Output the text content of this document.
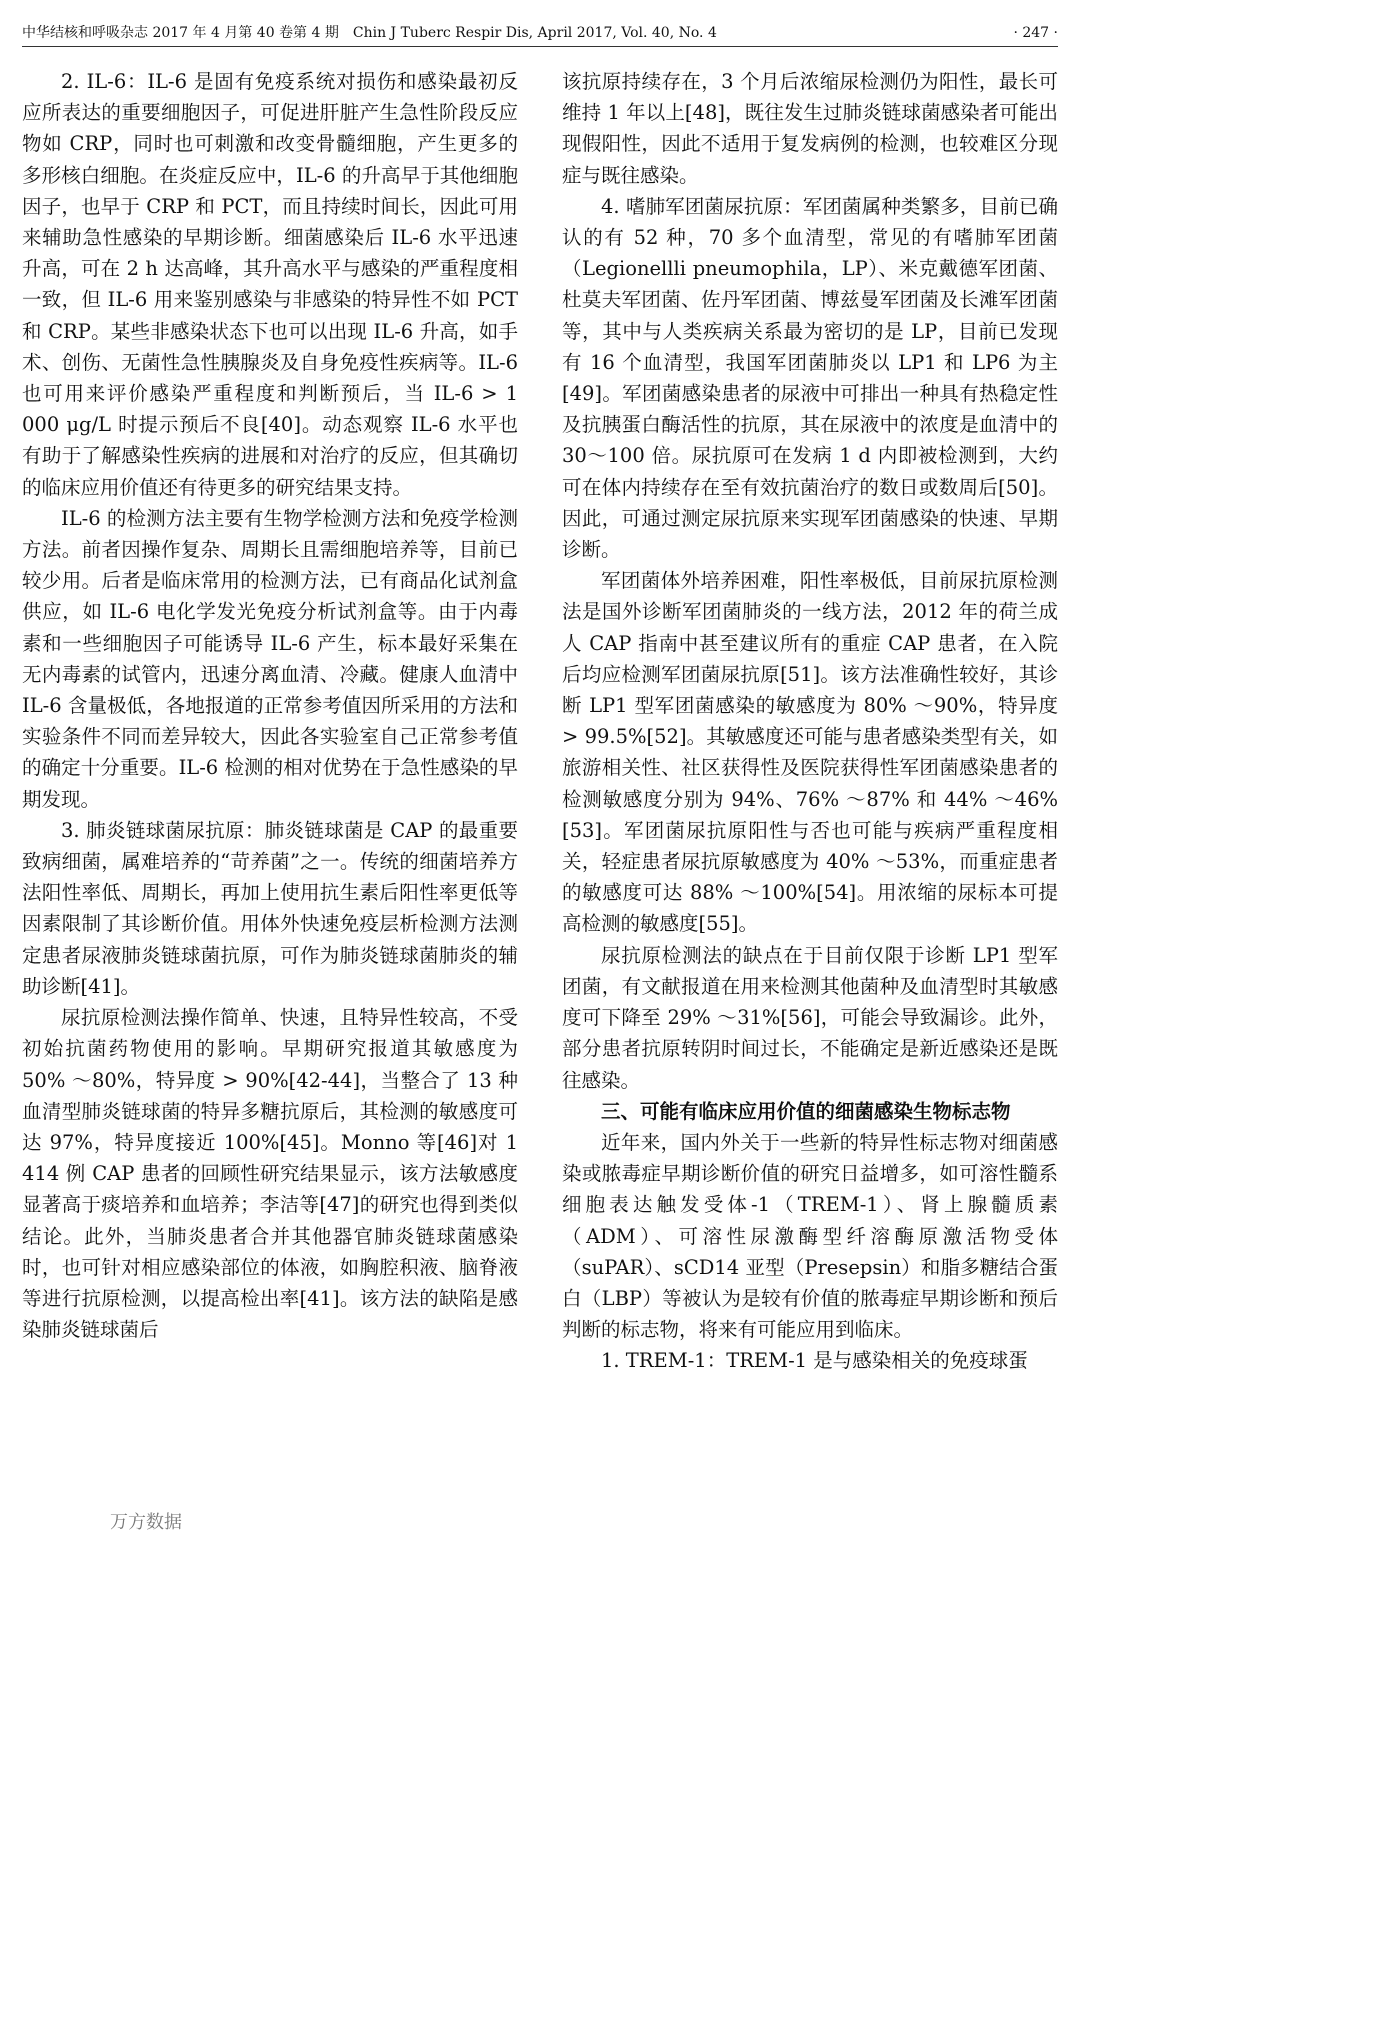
中华结核和呼吸杂志 2017 年 4 月第 40 卷第 4 期　Chin J Tuberc Respir Dis, April 2017, Vol. 40, No. 4	· 247 ·

2. IL-6：IL-6 是固有免疫系统对损伤和感染最初反应所表达的重要细胞因子，可促进肝脏产生急性阶段反应物如 CRP，同时也可刺激和改变骨髓细胞，产生更多的多形核白细胞。在炎症反应中，IL-6 的升高早于其他细胞因子，也早于 CRP 和 PCT，而且持续时间长，因此可用来辅助急性感染的早期诊断。细菌感染后 IL-6 水平迅速升高，可在 2 h 达高峰，其升高水平与感染的严重程度相一致，但 IL-6 用来鉴别感染与非感染的特异性不如 PCT 和 CRP。某些非感染状态下也可以出现 IL-6 升高，如手术、创伤、无菌性急性胰腺炎及自身免疫性疾病等。IL-6 也可用来评价感染严重程度和判断预后，当 IL-6 > 1 000 μg/L 时提示预后不良[40]。动态观察 IL-6 水平也有助于了解感染性疾病的进展和对治疗的反应，但其确切的临床应用价值还有待更多的研究结果支持。

IL-6 的检测方法主要有生物学检测方法和免疫学检测方法。前者因操作复杂、周期长且需细胞培养等，目前已较少用。后者是临床常用的检测方法，已有商品化试剂盒供应，如 IL-6 电化学发光免疫分析试剂盒等。由于内毒素和一些细胞因子可能诱导 IL-6 产生，标本最好采集在无内毒素的试管内，迅速分离血清、冷藏。健康人血清中 IL-6 含量极低，各地报道的正常参考值因所采用的方法和实验条件不同而差异较大，因此各实验室自己正常参考值的确定十分重要。IL-6 检测的相对优势在于急性感染的早期发现。

3. 肺炎链球菌尿抗原：肺炎链球菌是 CAP 的最重要致病细菌，属难培养的“苛养菌”之一。传统的细菌培养方法阳性率低、周期长，再加上使用抗生素后阳性率更低等因素限制了其诊断价值。用体外快速免疫层析检测方法测定患者尿液肺炎链球菌抗原，可作为肺炎链球菌肺炎的辅助诊断[41]。

尿抗原检测法操作简单、快速，且特异性较高，不受初始抗菌药物使用的影响。早期研究报道其敏感度为 50% ～80%，特异度 > 90%[42-44]，当整合了 13 种血清型肺炎链球菌的特异多糖抗原后，其检测的敏感度可达 97%，特异度接近 100%[45]。Monno 等[46]对 1 414 例 CAP 患者的回顾性研究结果显示，该方法敏感度显著高于痰培养和血培养；李洁等[47]的研究也得到类似结论。此外，当肺炎患者合并其他器官肺炎链球菌感染时，也可针对相应感染部位的体液，如胸腔积液、脑脊液等进行抗原检测，以提高检出率[41]。该方法的缺陷是感染肺炎链球菌后

该抗原持续存在，3 个月后浓缩尿检测仍为阳性，最长可维持 1 年以上[48]，既往发生过肺炎链球菌感染者可能出现假阳性，因此不适用于复发病例的检测，也较难区分现症与既往感染。

4. 嗜肺军团菌尿抗原：军团菌属种类繁多，目前已确认的有 52 种，70 多个血清型，常见的有嗜肺军团菌（Legionellli pneumophila，LP）、米克戴德军团菌、杜莫夫军团菌、佐丹军团菌、博兹曼军团菌及长滩军团菌等，其中与人类疾病关系最为密切的是 LP，目前已发现有 16 个血清型，我国军团菌肺炎以 LP1 和 LP6 为主[49]。军团菌感染患者的尿液中可排出一种具有热稳定性及抗胰蛋白酶活性的抗原，其在尿液中的浓度是血清中的 30～100 倍。尿抗原可在发病 1 d 内即被检测到，大约可在体内持续存在至有效抗菌治疗的数日或数周后[50]。因此，可通过测定尿抗原来实现军团菌感染的快速、早期诊断。

军团菌体外培养困难，阳性率极低，目前尿抗原检测法是国外诊断军团菌肺炎的一线方法，2012 年的荷兰成人 CAP 指南中甚至建议所有的重症 CAP 患者，在入院后均应检测军团菌尿抗原[51]。该方法准确性较好，其诊断 LP1 型军团菌感染的敏感度为 80% ～90%，特异度 > 99.5%[52]。其敏感度还可能与患者感染类型有关，如旅游相关性、社区获得性及医院获得性军团菌感染患者的检测敏感度分别为 94%、76% ～87% 和 44% ～46%[53]。军团菌尿抗原阳性与否也可能与疾病严重程度相关，轻症患者尿抗原敏感度为 40% ～53%，而重症患者的敏感度可达 88% ～100%[54]。用浓缩的尿标本可提高检测的敏感度[55]。

尿抗原检测法的缺点在于目前仅限于诊断 LP1 型军团菌，有文献报道在用来检测其他菌种及血清型时其敏感度可下降至 29% ～31%[56]，可能会导致漏诊。此外，部分患者抗原转阴时间过长，不能确定是新近感染还是既往感染。

三、可能有临床应用价值的细菌感染生物标志物

近年来，国内外关于一些新的特异性标志物对细菌感染或脓毒症早期诊断价值的研究日益增多，如可溶性髓系细胞表达触发受体-1（TREM-1）、肾上腺髓质素（ADM）、可溶性尿激酶型纤溶酶原激活物受体（suPAR）、sCD14 亚型（Presepsin）和脂多糖结合蛋白（LBP）等被认为是较有价值的脓毒症早期诊断和预后判断的标志物，将来有可能应用到临床。

1. TREM-1：TREM-1 是与感染相关的免疫球蛋

万方数据
